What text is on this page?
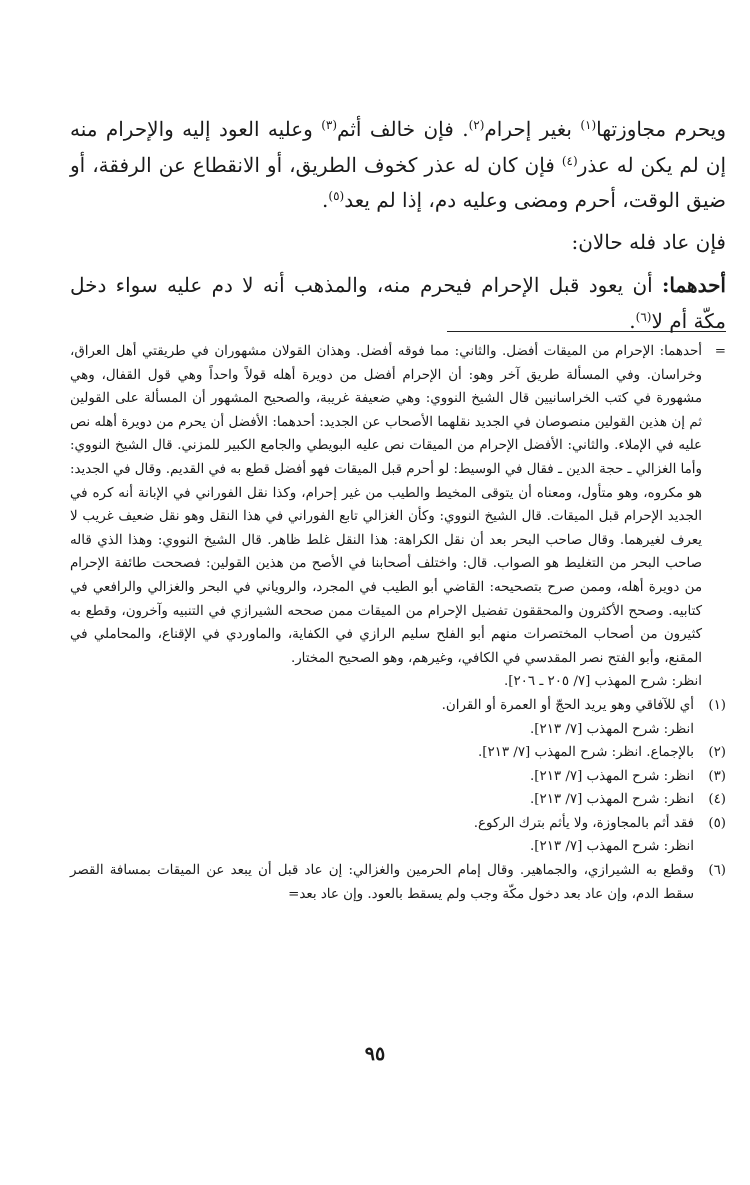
ويحرم مجاوزتها$^{(١)}$ بغير إحرام$^{(٢)}$. فإن خالف أثم$^{(٣)}$ وعليه العود إليه والإحرام منه إن لم يكن له عذر$^{(٤)}$ فإن كان له عذر كخوف الطريق، أو الانقطاع عن الرفقة، أو ضيق الوقت، أحرم ومضى وعليه دم، إذا لم يعد$^{(٥)}$.

فإن عاد فله حالان:

أحدهما: أن يعود قبل الإحرام فيحرم منه، والمذهب أنه لا دم عليه سواء دخل مكّة أم لا$^{(٦)}$.

=
أحدهما: الإحرام من الميقات أفضل. والثاني: مما فوقه أفضل. وهذان القولان مشهوران في طريقتي أهل العراق، وخراسان. وفي المسألة طريق آخر وهو: أن الإحرام أفضل من دويرة أهله قولاً واحداً وهي قول القفال، وهي مشهورة في كتب الخراسانيين قال الشيخ النووي: وهي ضعيفة غريبة، والصحيح المشهور أن المسألة على القولين ثم إن هذين القولين منصوصان في الجديد نقلهما الأصحاب عن الجديد: أحدهما: الأفضل أن يحرم من دويرة أهله نص عليه في الإملاء. والثاني: الأفضل الإحرام من الميقات نص عليه البويطي والجامع الكبير للمزني. قال الشيخ النووي: وأما الغزالي ـ حجة الدين ـ فقال في الوسيط: لو أحرم قبل الميقات فهو أفضل قطع به في القديم. وقال في الجديد: هو مكروه، وهو متأول، ومعناه أن يتوقى المخيط والطيب من غير إحرام، وكذا نقل الفوراني في الإبانة أنه كره في الجديد الإحرام قبل الميقات. قال الشيخ النووي: وكأن الغزالي تابع الفوراني في هذا النقل وهو نقل ضعيف غريب لا يعرف لغيرهما. وقال صاحب البحر بعد أن نقل الكراهة: هذا النقل غلط ظاهر. قال الشيخ النووي: وهذا الذي قاله صاحب البحر من التغليط هو الصواب. قال: واختلف أصحابنا في الأصح من هذين القولين: فصححت طائفة الإحرام من دويرة أهله، وممن صرح بتصحيحه: القاضي أبو الطيب في المجرد، والروياني في البحر والغزالي والرافعي في كتابيه. وصحح الأكثرون والمحققون تفضيل الإحرام من الميقات ممن صححه الشيرازي في التنبيه وآخرون، وقطع به كثيرون من أصحاب المختصرات منهم أبو الفلح سليم الرازي في الكفاية، والماوردي في الإقناع، والمحاملي في المقنع، وأبو الفتح نصر المقدسي في الكافي، وغيرهم، وهو الصحيح المختار.
انظر: شرح المهذب [٧/ ٢٠٥ ـ ٢٠٦].
(١)
أي للآفاقي وهو يريد الحجّ أو العمرة أو القران.
انظر: شرح المهذب [٧/ ٢١٣].
(٢)
بالإجماع. انظر: شرح المهذب [٧/ ٢١٣].
(٣)
انظر: شرح المهذب [٧/ ٢١٣].
(٤)
انظر: شرح المهذب [٧/ ٢١٣].
(٥)
فقد أثم بالمجاوزة، ولا يأثم بترك الركوع.
انظر: شرح المهذب [٧/ ٢١٣].
(٦)
وقطع به الشيرازي، والجماهير. وقال إمام الحرمين والغزالي: إن عاد قبل أن يبعد عن الميقات بمسافة القصر سقط الدم، وإن عاد بعد دخول مكّة وجب ولم يسقط بالعود. وإن عاد بعد=
٩٥
